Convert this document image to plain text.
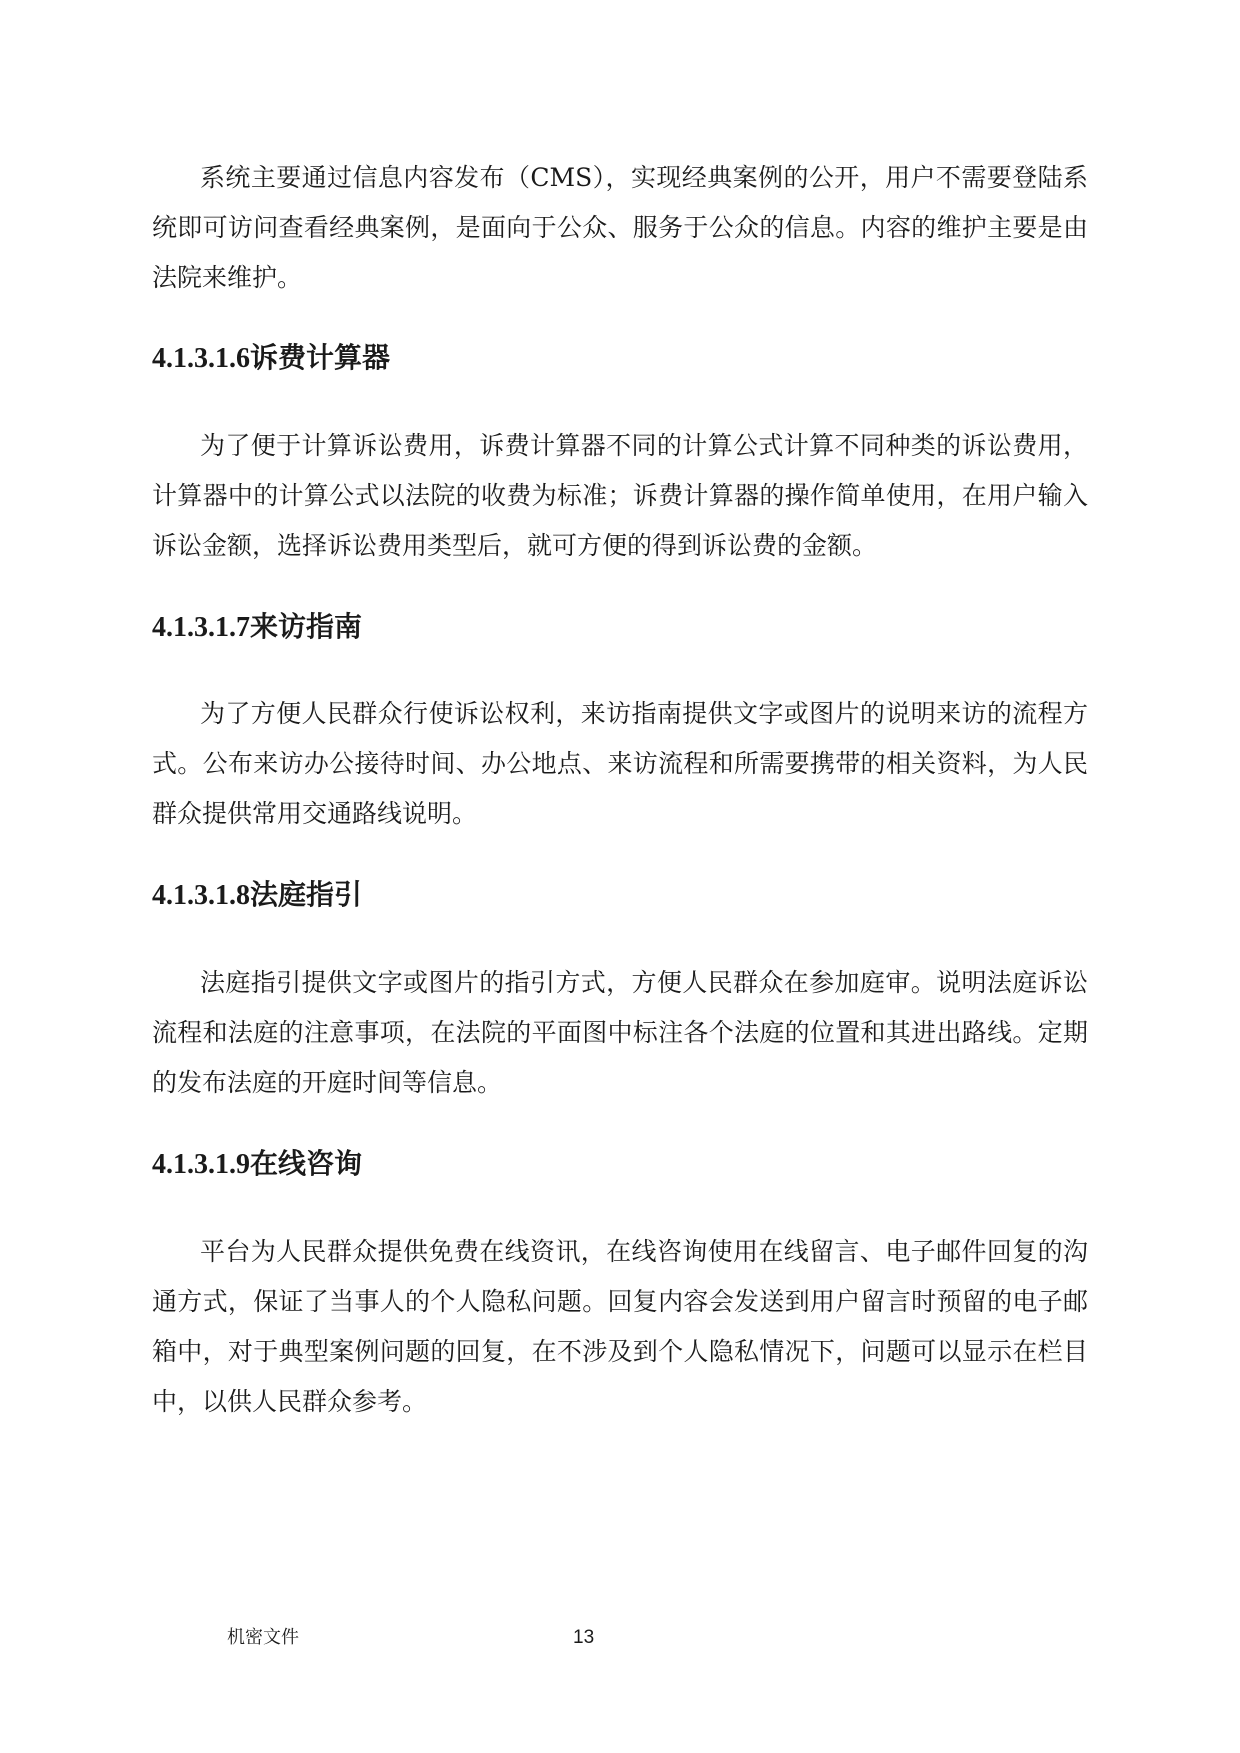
系统主要通过信息内容发布（CMS），实现经典案例的公开，用户不需要登陆系统即可访问查看经典案例，是面向于公众、服务于公众的信息。内容的维护主要是由法院来维护。

4.1.3.1.6诉费计算器

为了便于计算诉讼费用，诉费计算器不同的计算公式计算不同种类的诉讼费用，计算器中的计算公式以法院的收费为标准；诉费计算器的操作简单使用，在用户输入诉讼金额，选择诉讼费用类型后，就可方便的得到诉讼费的金额。

4.1.3.1.7来访指南

为了方便人民群众行使诉讼权利，来访指南提供文字或图片的说明来访的流程方式。公布来访办公接待时间、办公地点、来访流程和所需要携带的相关资料，为人民群众提供常用交通路线说明。

4.1.3.1.8法庭指引

法庭指引提供文字或图片的指引方式，方便人民群众在参加庭审。说明法庭诉讼流程和法庭的注意事项，在法院的平面图中标注各个法庭的位置和其进出路线。定期的发布法庭的开庭时间等信息。

4.1.3.1.9在线咨询

平台为人民群众提供免费在线资讯，在线咨询使用在线留言、电子邮件回复的沟通方式，保证了当事人的个人隐私问题。回复内容会发送到用户留言时预留的电子邮箱中，对于典型案例问题的回复，在不涉及到个人隐私情况下，问题可以显示在栏目中，以供人民群众参考。

机密文件	13
